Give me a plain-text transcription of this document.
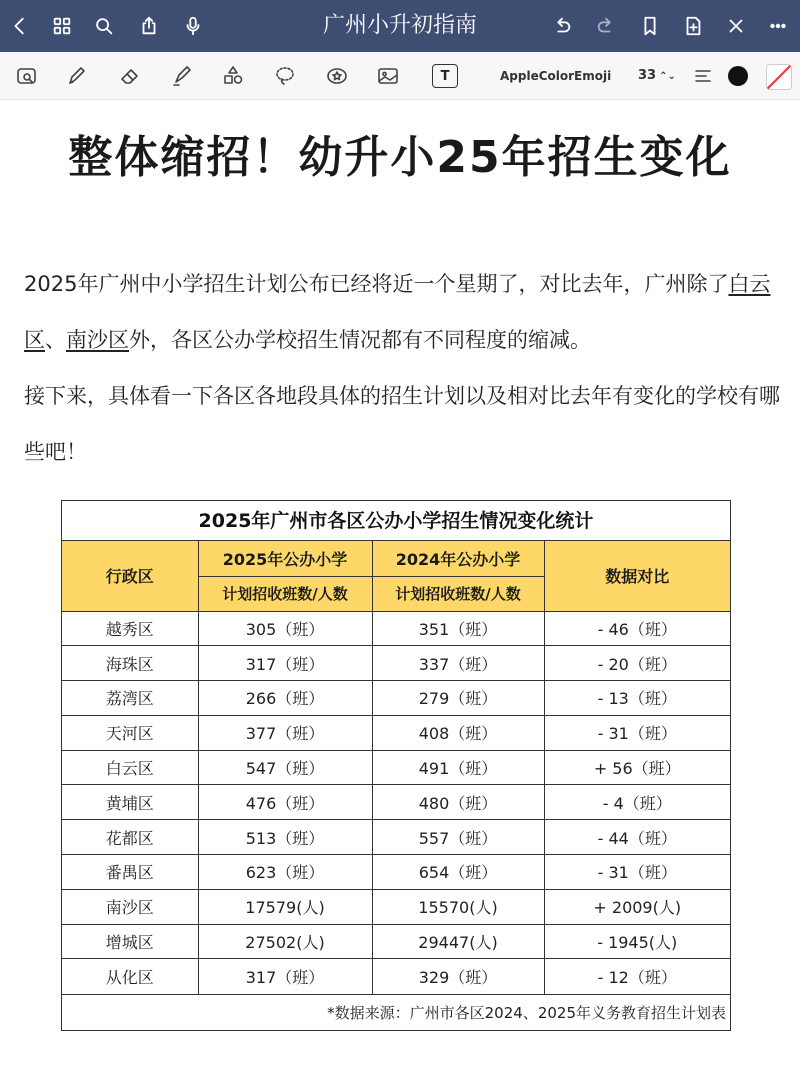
广州小升初指南
T	AppleColorEmoji 33 ⌃⌄
整体缩招！幼升小25年招生变化
2025年广州中小学招生计划公布已经将近一个星期了，对比去年，广州除了白云区、南沙区外，各区公办学校招生情况都有不同程度的缩减。
接下来，具体看一下各区各地段具体的招生计划以及相对比去年有变化的学校有哪些吧！
2025年广州市各区公办小学招生情况变化统计
行政区	2025年公办小学	2024年公办小学	数据对比
	计划招收班数/人数	计划招收班数/人数	
越秀区	305（班）	351（班）	- 46（班）
海珠区	317（班）	337（班）	- 20（班）
荔湾区	266（班）	279（班）	- 13（班）
天河区	377（班）	408（班）	- 31（班）
白云区	547（班）	491（班）	+ 56（班）
黄埔区	476（班）	480（班）	- 4（班）
花都区	513（班）	557（班）	- 44（班）
番禺区	623（班）	654（班）	- 31（班）
南沙区	17579(人)	15570(人)	+ 2009(人)
增城区	27502(人)	29447(人)	- 1945(人)
从化区	317（班）	329（班）	- 12（班）
*数据来源：广州市各区2024、2025年义务教育招生计划表
